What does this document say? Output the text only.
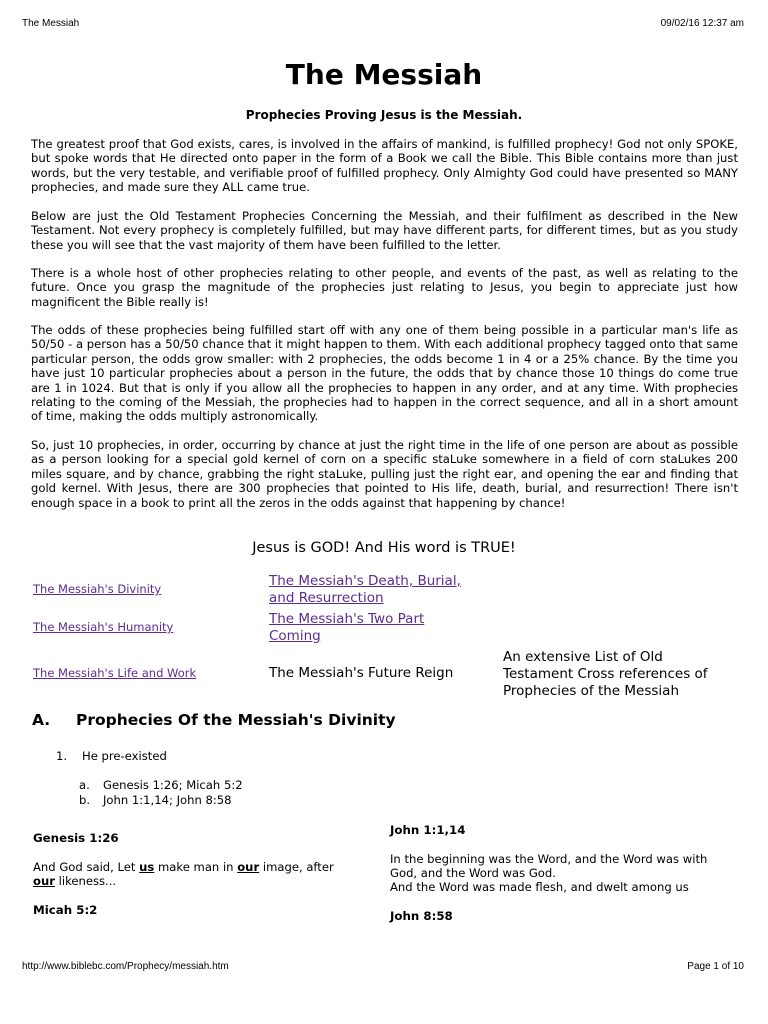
The Messiah	09/02/16 12:37 am
The Messiah
Prophecies Proving Jesus is the Messiah.

The greatest proof that God exists, cares, is involved in the affairs of mankind, is fulfilled prophecy! God not only SPOKE, but spoke words that He directed onto paper in the form of a Book we call the Bible. This Bible contains more than just words, but the very testable, and verifiable proof of fulfilled prophecy. Only Almighty God could have presented so MANY prophecies, and made sure they ALL came true.

Below are just the Old Testament Prophecies Concerning the Messiah, and their fulfilment as described in the New Testament. Not every prophecy is completely fulfilled, but may have different parts, for different times, but as you study these you will see that the vast majority of them have been fulfilled to the letter.

There is a whole host of other prophecies relating to other people, and events of the past, as well as relating to the future. Once you grasp the magnitude of the prophecies just relating to Jesus, you begin to appreciate just how magnificent the Bible really is!

The odds of these prophecies being fulfilled start off with any one of them being possible in a particular man's life as 50/50 - a person has a 50/50 chance that it might happen to them. With each additional prophecy tagged onto that same particular person, the odds grow smaller: with 2 prophecies, the odds become 1 in 4 or a 25% chance. By the time you have just 10 particular prophecies about a person in the future, the odds that by chance those 10 things do come true are 1 in 1024. But that is only if you allow all the prophecies to happen in any order, and at any time. With prophecies relating to the coming of the Messiah, the prophecies had to happen in the correct sequence, and all in a short amount of time, making the odds multiply astronomically.

So, just 10 prophecies, in order, occurring by chance at just the right time in the life of one person are about as possible as a person looking for a special gold kernel of corn on a specific staLuke somewhere in a field of corn staLukes 200 miles square, and by chance, grabbing the right staLuke, pulling just the right ear, and opening the ear and finding that gold kernel. With Jesus, there are 300 prophecies that pointed to His life, death, burial, and resurrection! There isn't enough space in a book to print all the zeros in the odds against that happening by chance!

Jesus is GOD! And His word is TRUE!
The Messiah's Divinity
The Messiah's Humanity
The Messiah's Life and Work
The Messiah's Death, Burial,
and Resurrection
The Messiah's Two Part
Coming
The Messiah's Future Reign
An extensive List of Old
Testament Cross references of
Prophecies of the Messiah
A. Prophecies Of the Messiah's Divinity
1. He pre-existed
a. Genesis 1:26; Micah 5:2
b. John 1:1,14; John 8:58
Genesis 1:26
And God said, Let us make man in our image, after
our likeness...
Micah 5:2
John 1:1,14
In the beginning was the Word, and the Word was with
God, and the Word was God.
And the Word was made flesh, and dwelt among us
John 8:58
http://www.biblebc.com/Prophecy/messiah.htm	Page 1 of 10
